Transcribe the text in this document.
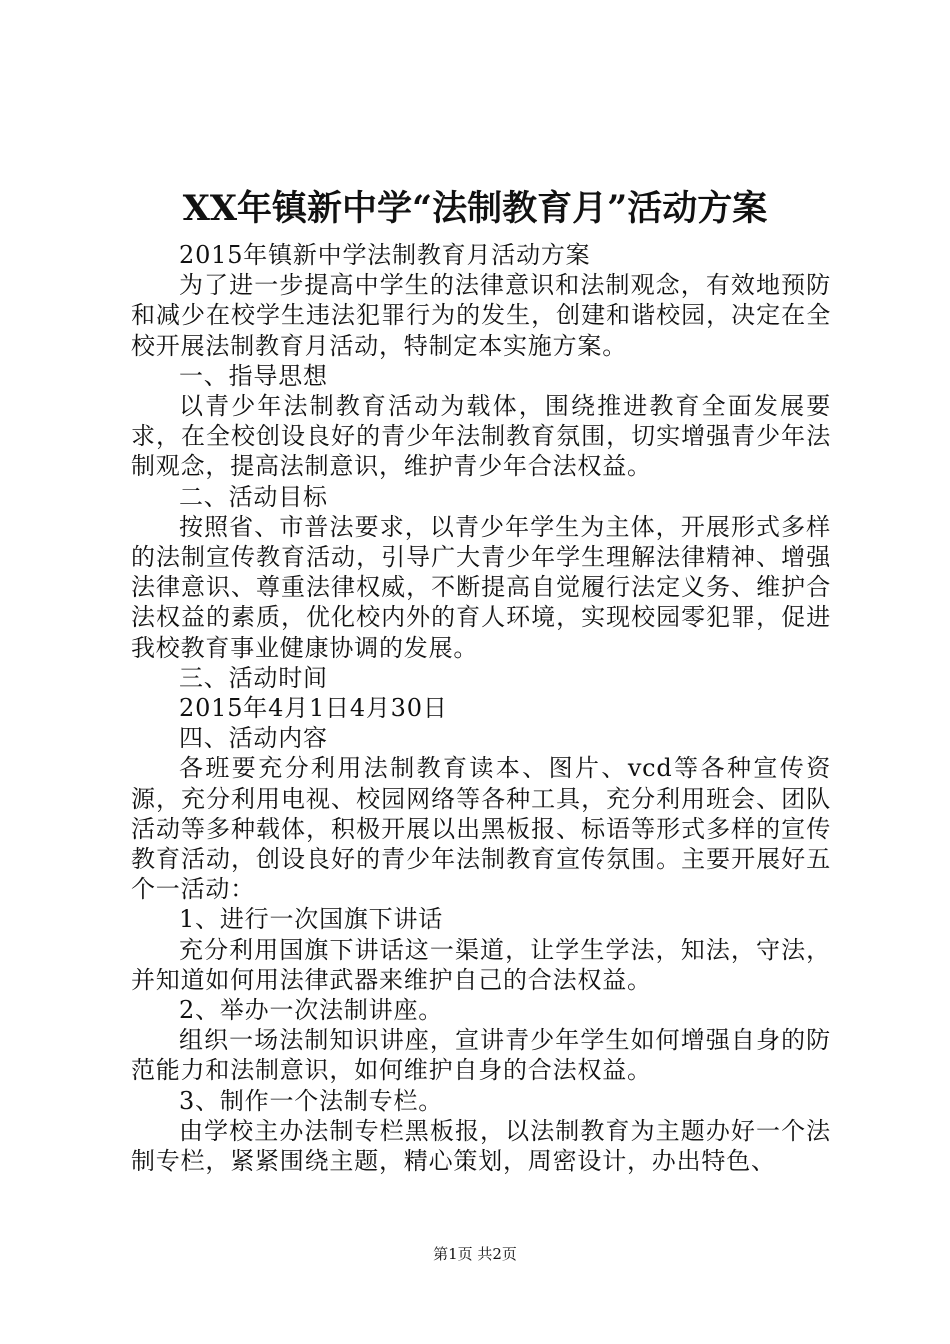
XX年镇新中学“法制教育月”活动方案

2015年镇新中学法制教育月活动方案

为了进一步提高中学生的法律意识和法制观念，有效地预防和减少在校学生违法犯罪行为的发生，创建和谐校园，决定在全校开展法制教育月活动，特制定本实施方案。

一、指导思想

以青少年法制教育活动为载体，围绕推进教育全面发展要求，在全校创设良好的青少年法制教育氛围，切实增强青少年法制观念，提高法制意识，维护青少年合法权益。

二、活动目标

按照省、市普法要求，以青少年学生为主体，开展形式多样的法制宣传教育活动，引导广大青少年学生理解法律精神、增强法律意识、尊重法律权威，不断提高自觉履行法定义务、维护合法权益的素质，优化校内外的育人环境，实现校园零犯罪，促进我校教育事业健康协调的发展。

三、活动时间

2015年4月1日4月30日

四、活动内容

各班要充分利用法制教育读本、图片、vcd等各种宣传资源，充分利用电视、校园网络等各种工具，充分利用班会、团队活动等多种载体，积极开展以出黑板报、标语等形式多样的宣传教育活动，创设良好的青少年法制教育宣传氛围。主要开展好五个一活动：

1、进行一次国旗下讲话

充分利用国旗下讲话这一渠道，让学生学法，知法，守法，并知道如何用法律武器来维护自己的合法权益。

2、举办一次法制讲座。

组织一场法制知识讲座，宣讲青少年学生如何增强自身的防范能力和法制意识，如何维护自身的合法权益。

3、制作一个法制专栏。

由学校主办法制专栏黑板报，以法制教育为主题办好一个法制专栏，紧紧围绕主题，精心策划，周密设计，办出特色、

第1页 共2页
